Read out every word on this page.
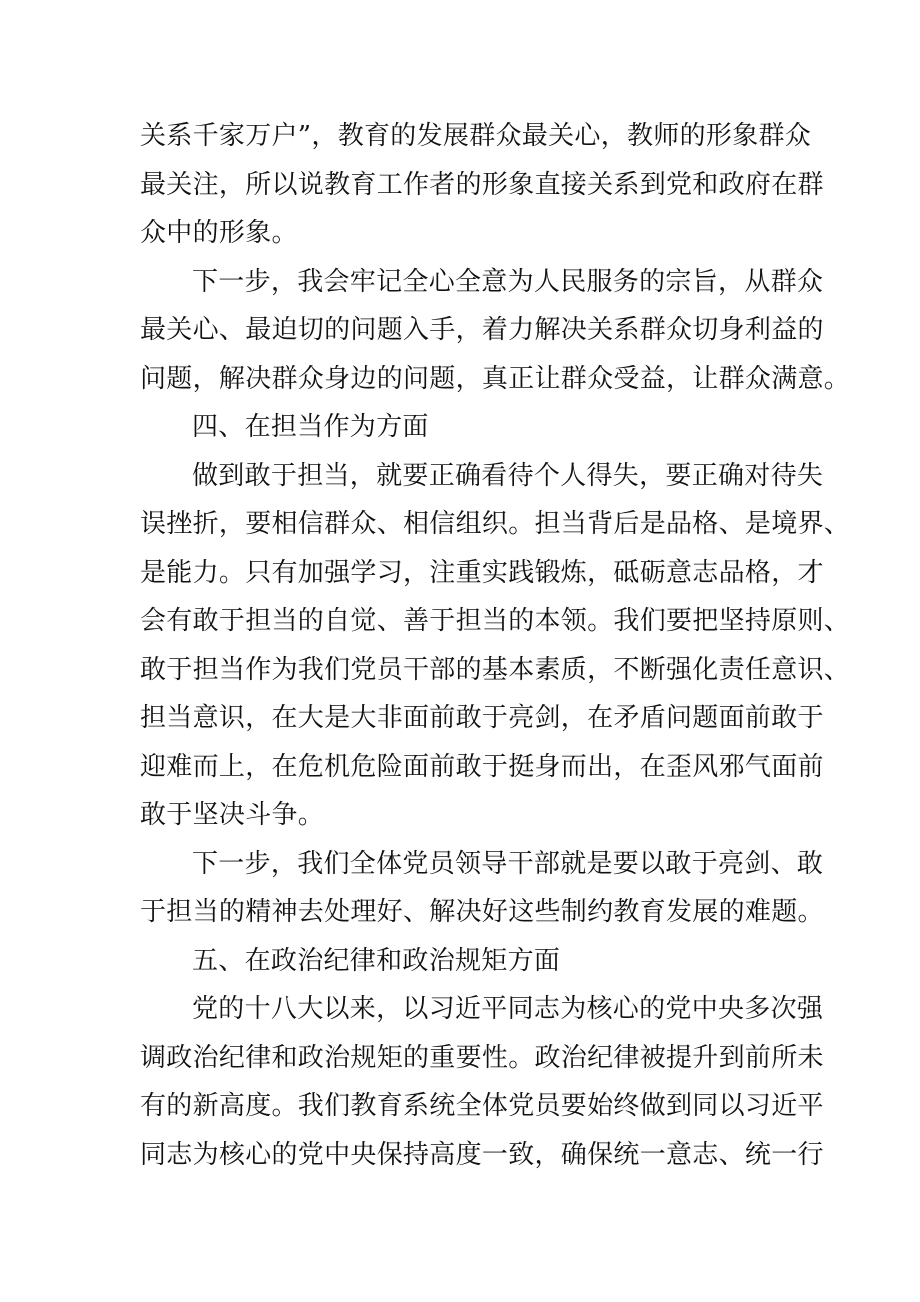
关系千家万户”，教育的发展群众最关心，教师的形象群众
最关注，所以说教育工作者的形象直接关系到党和政府在群
众中的形象。
下一步，我会牢记全心全意为人民服务的宗旨，从群众
最关心、最迫切的问题入手，着力解决关系群众切身利益的
问题，解决群众身边的问题，真正让群众受益，让群众满意。
四、在担当作为方面
做到敢于担当，就要正确看待个人得失，要正确对待失
误挫折，要相信群众、相信组织。担当背后是品格、是境界、
是能力。只有加强学习，注重实践锻炼，砥砺意志品格，才
会有敢于担当的自觉、善于担当的本领。我们要把坚持原则、
敢于担当作为我们党员干部的基本素质，不断强化责任意识、
担当意识，在大是大非面前敢于亮剑，在矛盾问题面前敢于
迎难而上，在危机危险面前敢于挺身而出，在歪风邪气面前
敢于坚决斗争。
下一步，我们全体党员领导干部就是要以敢于亮剑、敢
于担当的精神去处理好、解决好这些制约教育发展的难题。
五、在政治纪律和政治规矩方面
党的十八大以来，以习近平同志为核心的党中央多次强
调政治纪律和政治规矩的重要性。政治纪律被提升到前所未
有的新高度。我们教育系统全体党员要始终做到同以习近平
同志为核心的党中央保持高度一致，确保统一意志、统一行
